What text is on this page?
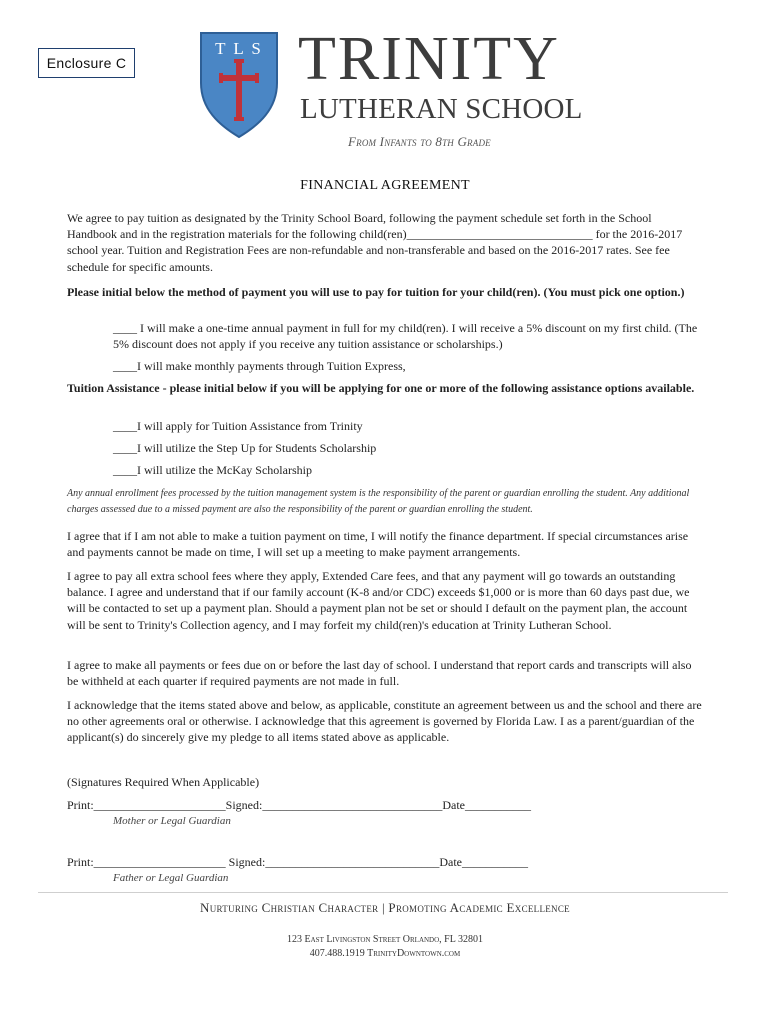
Enclosure C
T L S TRINITY
LUTHERAN SCHOOL
From Infants to 8th Grade
FINANCIAL AGREEMENT
We agree to pay tuition as designated by the Trinity School Board, following the payment schedule set forth in the School Handbook and in the registration materials for the following child(ren)_______________________________ for the 2016-2017 school year. Tuition and Registration Fees are non-refundable and non-transferable and based on the 2016-2017 rates. See fee schedule for specific amounts.
Please initial below the method of payment you will use to pay for tuition for your child(ren). (You must pick one option.)
____ I will make a one-time annual payment in full for my child(ren). I will receive a 5% discount on my first child. (The 5% discount does not apply if you receive any tuition assistance or scholarships.)
____I will make monthly payments through Tuition Express,
Tuition Assistance - please initial below if you will be applying for one or more of the following assistance options available.
____I will apply for Tuition Assistance from Trinity
____I will utilize the Step Up for Students Scholarship
____I will utilize the McKay Scholarship
Any annual enrollment fees processed by the tuition management system is the responsibility of the parent or guardian enrolling the student. Any additional charges assessed due to a missed payment are also the responsibility of the parent or guardian enrolling the student.
I agree that if I am not able to make a tuition payment on time, I will notify the finance department. If special circumstances arise and payments cannot be made on time, I will set up a meeting to make payment arrangements.
I agree to pay all extra school fees where they apply, Extended Care fees, and that any payment will go towards an outstanding balance. I agree and understand that if our family account (K-8 and/or CDC) exceeds $1,000 or is more than 60 days past due, we will be contacted to set up a payment plan. Should a payment plan not be set or should I default on the payment plan, the account will be sent to Trinity's Collection agency, and I may forfeit my child(ren)'s education at Trinity Lutheran School.
I agree to make all payments or fees due on or before the last day of school. I understand that report cards and transcripts will also be withheld at each quarter if required payments are not made in full.
I acknowledge that the items stated above and below, as applicable, constitute an agreement between us and the school and there are no other agreements oral or otherwise. I acknowledge that this agreement is governed by Florida Law. I as a parent/guardian of the applicant(s) do sincerely give my pledge to all items stated above as applicable.
(Signatures Required When Applicable)
Print:______________________Signed:______________________________Date___________
Mother or Legal Guardian
Print:______________________ Signed:_____________________________Date___________
Father or Legal Guardian
Nurturing Christian Character | Promoting Academic Excellence
123 East Livingston Street Orlando, FL 32801
407.488.1919 TrinityDowntown.com
